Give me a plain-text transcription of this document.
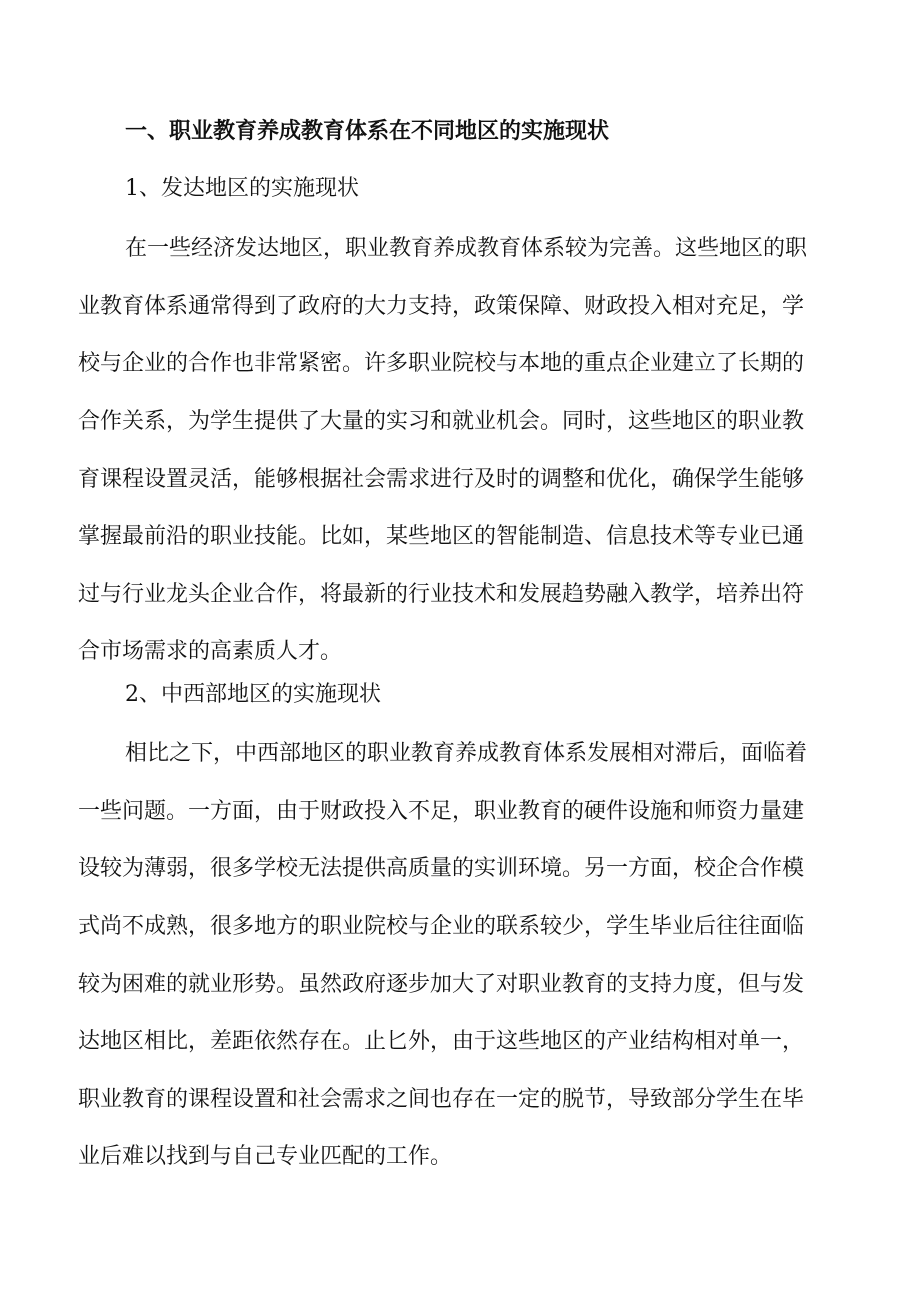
一、职业教育养成教育体系在不同地区的实施现状
1、发达地区的实施现状
在一些经济发达地区，职业教育养成教育体系较为完善。这些地区的职
业教育体系通常得到了政府的大力支持，政策保障、财政投入相对充足，学
校与企业的合作也非常紧密。许多职业院校与本地的重点企业建立了长期的
合作关系，为学生提供了大量的实习和就业机会。同时，这些地区的职业教
育课程设置灵活，能够根据社会需求进行及时的调整和优化，确保学生能够
掌握最前沿的职业技能。比如，某些地区的智能制造、信息技术等专业已通
过与行业龙头企业合作，将最新的行业技术和发展趋势融入教学，培养出符
合市场需求的高素质人才。
2、中西部地区的实施现状
相比之下，中西部地区的职业教育养成教育体系发展相对滞后，面临着
一些问题。一方面，由于财政投入不足，职业教育的硬件设施和师资力量建
设较为薄弱，很多学校无法提供高质量的实训环境。另一方面，校企合作模
式尚不成熟，很多地方的职业院校与企业的联系较少，学生毕业后往往面临
较为困难的就业形势。虽然政府逐步加大了对职业教育的支持力度，但与发
达地区相比，差距依然存在。止匕外，由于这些地区的产业结构相对单一，
职业教育的课程设置和社会需求之间也存在一定的脱节，导致部分学生在毕
业后难以找到与自己专业匹配的工作。
